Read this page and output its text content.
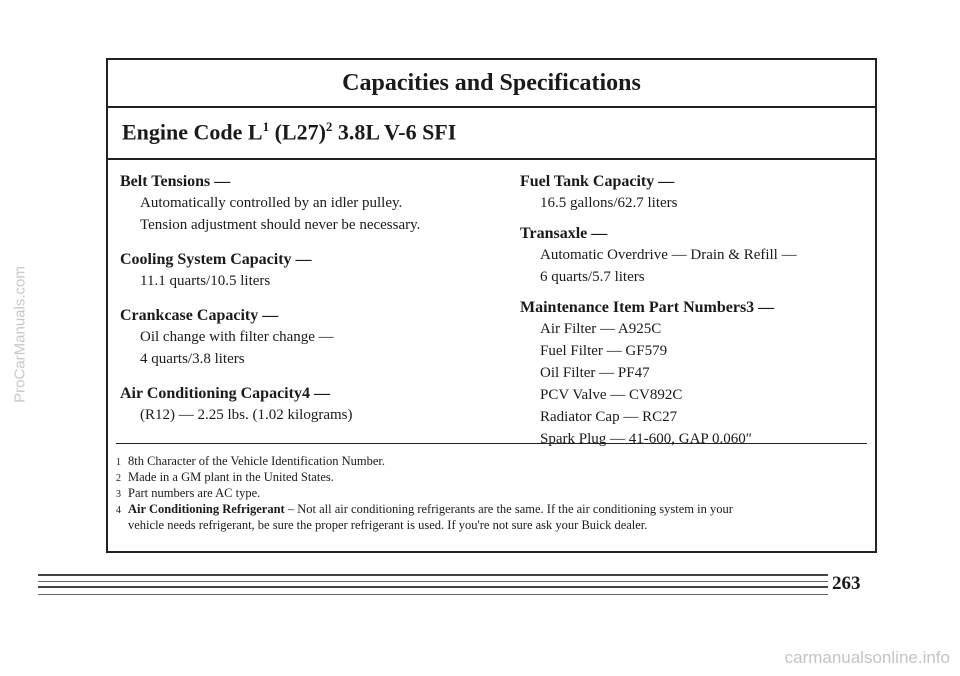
Capacities and Specifications
Engine Code $L^1$ $(L27)^2$ 3.8L V-6 SFI

Belt Tensions —

Automatically controlled by an idler pulley.

Tension adjustment should never be necessary.

Cooling System Capacity —

11.1 quarts/10.5 liters

Crankcase Capacity —

Oil change with filter change —

4 quarts/3.8 liters

Air Conditioning Capacity4 —

(R12) — 2.25 lbs. (1.02 kilograms)

Fuel Tank Capacity —

16.5 gallons/62.7 liters

Transaxle —

Automatic Overdrive — Drain & Refill —

6 quarts/5.7 liters

Maintenance Item Part Numbers3 —

Air Filter — A925C

Fuel Filter — GF579

Oil Filter — PF47

PCV Valve — CV892C

Radiator Cap — RC27

Spark Plug — 41-600, GAP 0.060″

1 8th Character of the Vehicle Identification Number.

2 Made in a GM plant in the United States.

3 Part numbers are AC type.

4 Air Conditioning Refrigerant – Not all air conditioning refrigerants are the same. If the air conditioning system in your

vehicle needs refrigerant, be sure the proper refrigerant is used. If you're not sure ask your Buick dealer.

263

ProCarManuals.com

carmanualsonline.info
